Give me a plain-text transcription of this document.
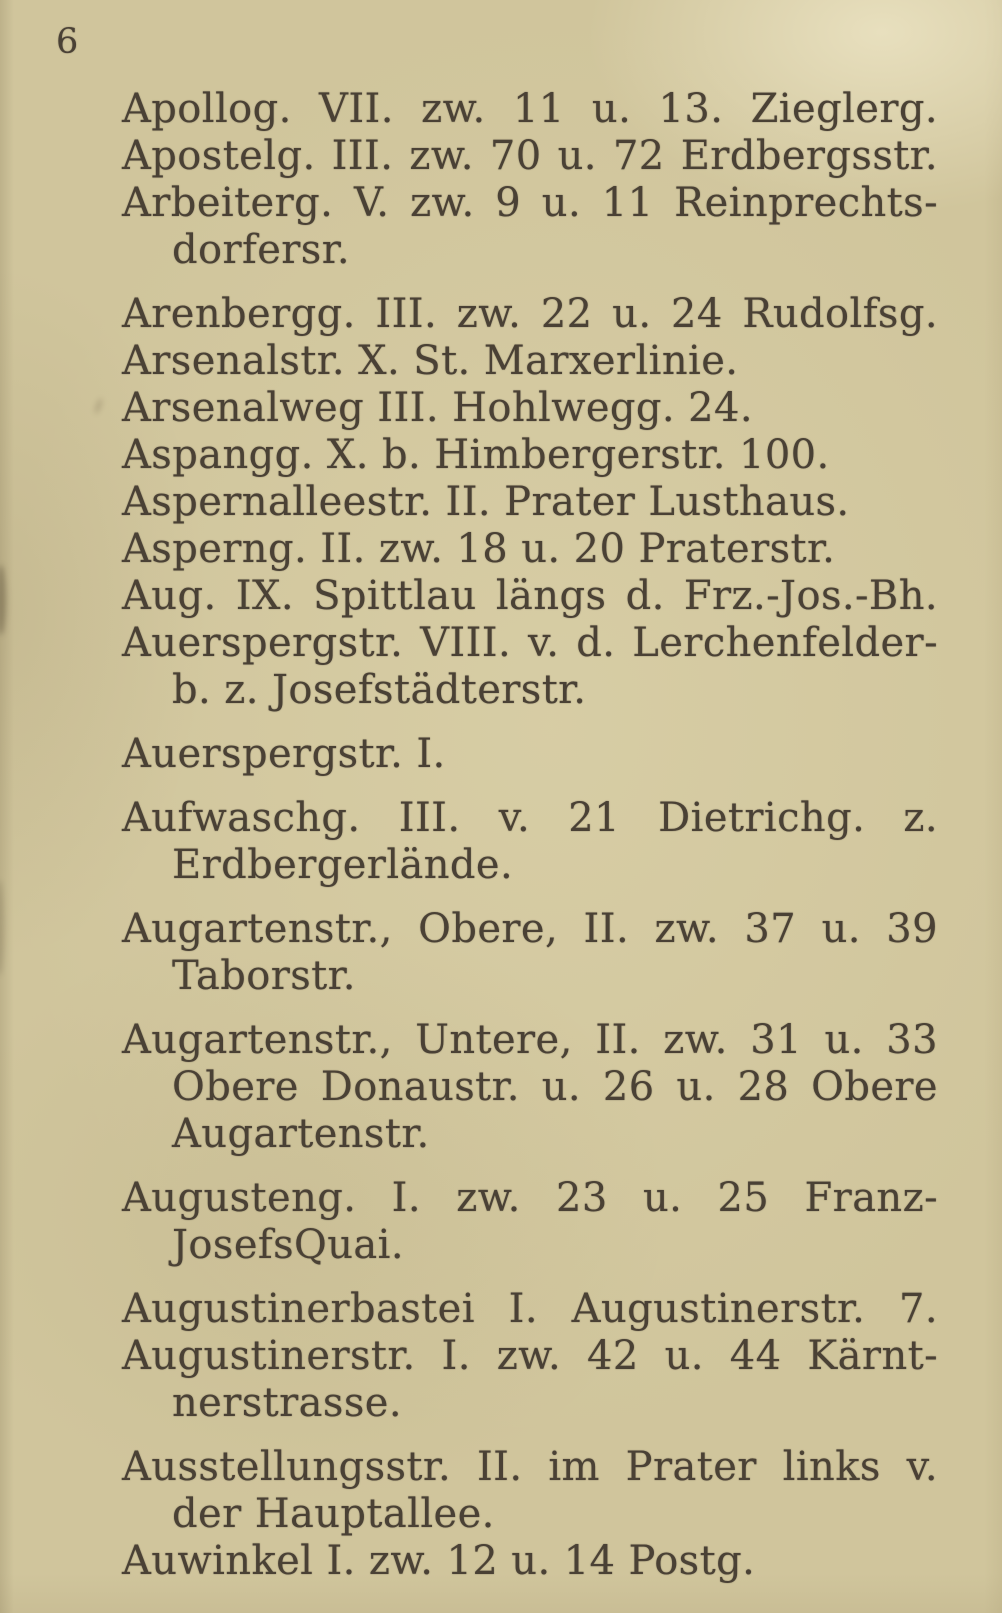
6
Apollog. VII. zw. 11 u. 13. Zieglerg.
Apostelg. III. zw. 70 u. 72 Erdbergsstr.
Arbeiterg. V. zw. 9 u. 11 Reinprechts-
dorfersr.
Arenbergg. III. zw. 22 u. 24 Rudolfsg.
Arsenalstr. X. St. Marxerlinie.
Arsenalweg III. Hohlwegg. 24.
Aspangg. X. b. Himbergerstr. 100.
Aspernalleestr. II. Prater Lusthaus.
Asperng. II. zw. 18 u. 20 Praterstr.
Aug. IX. Spittlau längs d. Frz.-Jos.-Bh.
Auerspergstr. VIII. v. d. Lerchenfelder-
b. z. Josefstädterstr.
Auerspergstr. I.
Aufwaschg. III. v. 21 Dietrichg. z.
Erdbergerlände.
Augartenstr., Obere, II. zw. 37 u. 39
Taborstr.
Augartenstr., Untere, II. zw. 31 u. 33
Obere Donaustr. u. 26 u. 28 Obere
Augartenstr.
Augusteng. I. zw. 23 u. 25 Franz-
JosefsQuai.
Augustinerbastei I. Augustinerstr. 7.
Augustinerstr. I. zw. 42 u. 44 Kärnt-
nerstrasse.
Ausstellungsstr. II. im Prater links v.
der Hauptallee.
Auwinkel I. zw. 12 u. 14 Postg.
